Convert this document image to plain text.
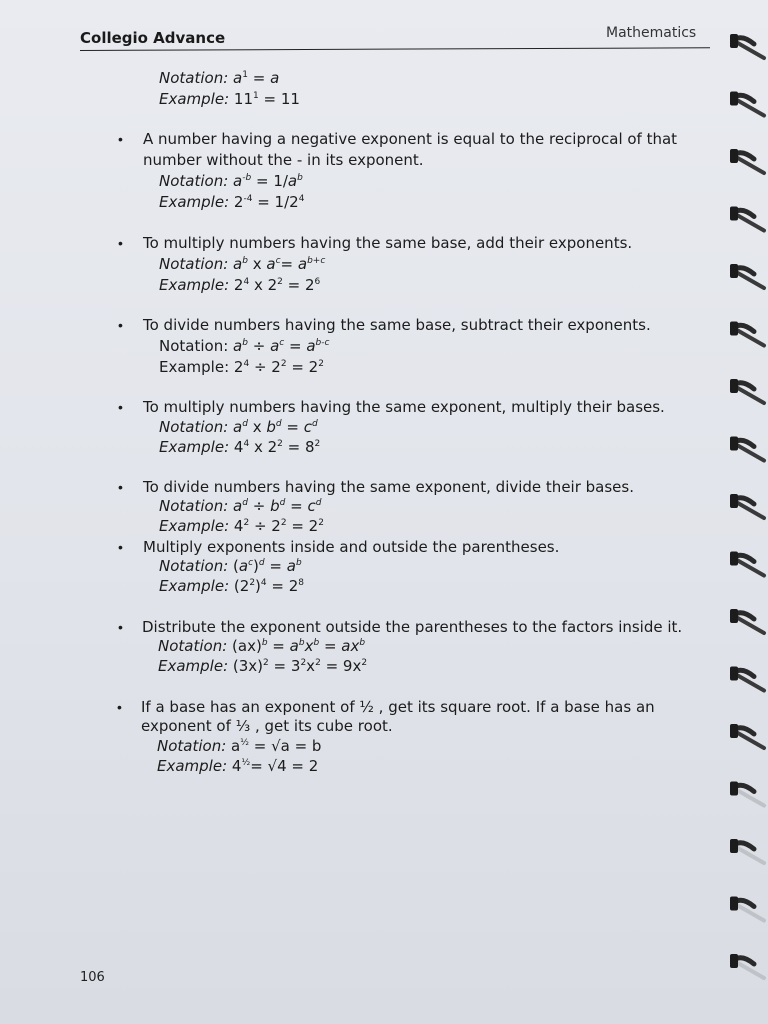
Collegio Advance	Mathematics
Notation: $a^1 = a$
Example: $11^1 = 11$
• A number having a negative exponent is equal to the reciprocal of that
number without the - in its exponent.
Notation: $a^{-b} = 1/a^b$
Example: $2^{-4} = 1/2^4$
• To multiply numbers having the same base, add their exponents.
Notation: $a^b$ x $a^c= a^{b+c}$
Example: $2^4$ x $2^2 = 2^6$
• To divide numbers having the same base, subtract their exponents.
Notation: $a^b \div a^c = a^{b-c}$
Example: $2^4 \div 2^2 = 2^2$
• To multiply numbers having the same exponent, multiply their bases.
Notation: $a^d$ x $b^d = c^d$
Example: $4^4$ x $2^2 = 8^2$
• To divide numbers having the same exponent, divide their bases.
Notation: $a^d \div b^d = c^d$
Example: $4^2 \div 2^2 = 2^2$
• Multiply exponents inside and outside the parentheses.
Notation: $(a^c)^d = a^b$
Example: $(2^2)^4 = 2^8$
• Distribute the exponent outside the parentheses to the factors inside it.
Notation: $(ax)^b = a^bx^b = ax^b$
Example: $(3x)^2 = 3^2x^2 = 9x^2$
• If a base has an exponent of ½ , get its square root. If a base has an
exponent of ⅓ , get its cube root.
Notation: $a^{\frac{1}{2}} = √a = b$
Example: $4^{\frac{1}{2}}= √4 = 2$
106
